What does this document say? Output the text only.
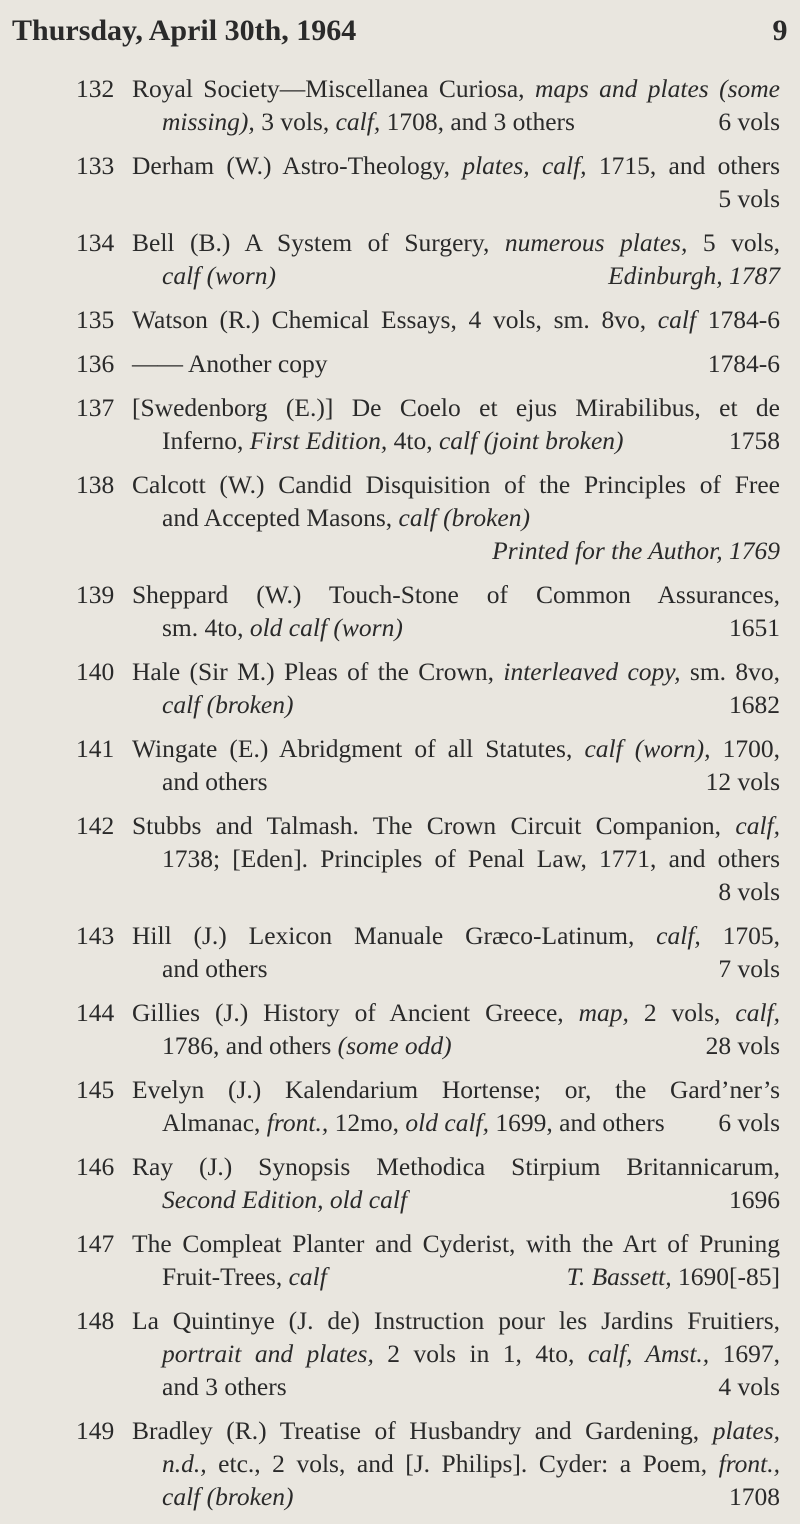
Thursday, April 30th, 1964	9
132 Royal Society—Miscellanea Curiosa, maps and plates (some
missing), 3 vols, calf, 1708, and 3 others	6 vols
133 Derham (W.) Astro-Theology, plates, calf, 1715, and others
5 vols
134 Bell (B.) A System of Surgery, numerous plates, 5 vols,
calf (worn)	Edinburgh, 1787
135 Watson (R.) Chemical Essays, 4 vols, sm. 8vo, calf 1784-6
136 —— Another copy	1784-6
137 [Swedenborg (E.)] De Coelo et ejus Mirabilibus, et de
Inferno, First Edition, 4to, calf (joint broken)	1758
138 Calcott (W.) Candid Disquisition of the Principles of Free
and Accepted Masons, calf (broken)
Printed for the Author, 1769
139 Sheppard (W.) Touch-Stone of Common Assurances,
sm. 4to, old calf (worn)	1651
140 Hale (Sir M.) Pleas of the Crown, interleaved copy, sm. 8vo,
calf (broken)	1682
141 Wingate (E.) Abridgment of all Statutes, calf (worn), 1700,
and others	12 vols
142 Stubbs and Talmash. The Crown Circuit Companion, calf,
1738; [Eden]. Principles of Penal Law, 1771, and others
8 vols
143 Hill (J.) Lexicon Manuale Græco-Latinum, calf, 1705,
and others	7 vols
144 Gillies (J.) History of Ancient Greece, map, 2 vols, calf,
1786, and others (some odd)	28 vols
145 Evelyn (J.) Kalendarium Hortense; or, the Gard’ner’s
Almanac, front., 12mo, old calf, 1699, and others 6 vols
146 Ray (J.) Synopsis Methodica Stirpium Britannicarum,
Second Edition, old calf	1696
147 The Compleat Planter and Cyderist, with the Art of Pruning
Fruit-Trees, calf	T. Bassett, 1690[-85]
148 La Quintinye (J. de) Instruction pour les Jardins Fruitiers,
portrait and plates, 2 vols in 1, 4to, calf, Amst., 1697,
and 3 others	4 vols
149 Bradley (R.) Treatise of Husbandry and Gardening, plates,
n.d., etc., 2 vols, and [J. Philips]. Cyder: a Poem, front.,
calf (broken)	1708
